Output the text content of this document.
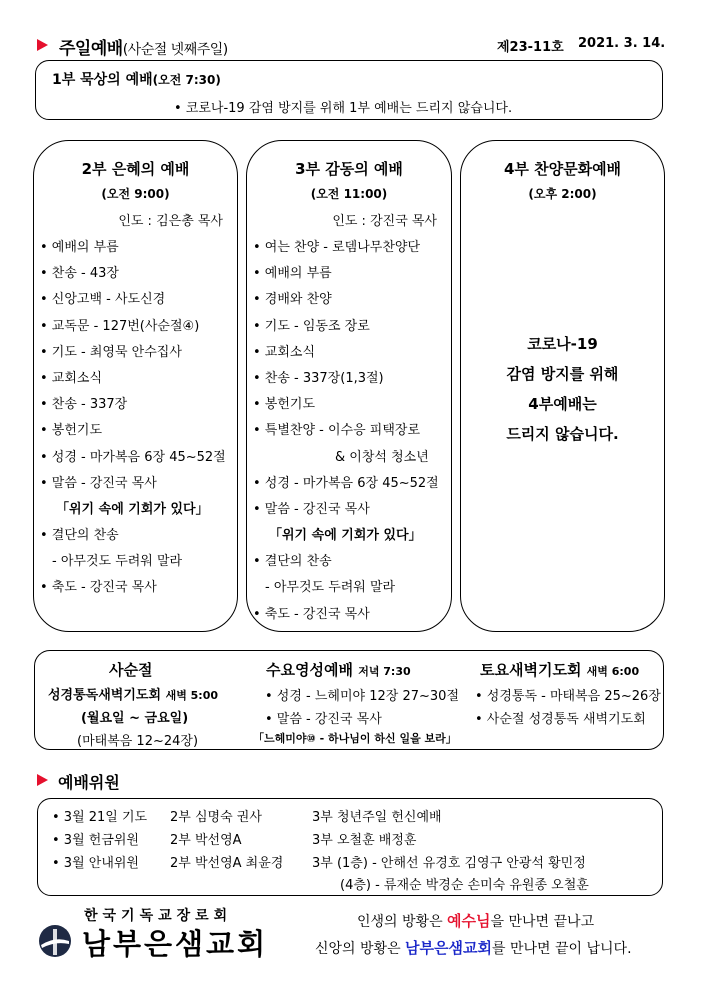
주일예배(사순절 넷째주일)	제23-11호 2021. 3. 14.
1부 묵상의 예배(오전 7:30)
• 코로나-19 감염 방지를 위해 1부 예배는 드리지 않습니다.
2부 은혜의 예배
(오전 9:00)
인도 : 김은총 목사
• 예배의 부름
• 찬송 - 43장
• 신앙고백 - 사도신경
• 교독문 - 127번(사순절④)
• 기도 - 최영묵 안수집사
• 교회소식
• 찬송 - 337장
• 봉헌기도
• 성경 - 마가복음 6장 45~52절
• 말씀 - 강진국 목사
「위기 속에 기회가 있다」
• 결단의 찬송
- 아무것도 두려워 말라
• 축도 - 강진국 목사
3부 감동의 예배
(오전 11:00)
인도 : 강진국 목사
• 여는 찬양 - 로뎀나무찬양단
• 예배의 부름
• 경배와 찬양
• 기도 - 임동조 장로
• 교회소식
• 찬송 - 337장(1,3절)
• 봉헌기도
• 특별찬양 - 이수응 피택장로
& 이창석 청소년
• 성경 - 마가복음 6장 45~52절
• 말씀 - 강진국 목사
「위기 속에 기회가 있다」
• 결단의 찬송
- 아무것도 두려워 말라
• 축도 - 강진국 목사
4부 찬양문화예배
(오후 2:00)
코로나-19
감염 방지를 위해
4부예배는
드리지 않습니다.
사순절
성경통독새벽기도회 새벽 5:00
(월요일 ~ 금요일)
(마태복음 12~24장)
수요영성예배 저녁 7:30
• 성경 - 느헤미야 12장 27~30절
• 말씀 - 강진국 목사
「느헤미야⑩ - 하나님이 하신 일을 보라」
토요새벽기도회 새벽 6:00
• 성경통독 - 마태복음 25~26장
• 사순절 성경통독 새벽기도회
예배위원
• 3월 21일 기도 2부 심명숙 권사	3부 청년주일 헌신예배
• 3월 헌금위원 2부 박선영A	3부 오철훈 배정훈
• 3월 안내위원 2부 박선영A 최윤경 3부 (1층) - 안해선 유경호 김영구 안광석 황민정
(4층) - 류재순 박경순 손미숙 유원종 오철훈
한국기독교장로회
남부은샘교회
인생의 방황은 예수님을 만나면 끝나고
신앙의 방황은 남부은샘교회를 만나면 끝이 납니다.
